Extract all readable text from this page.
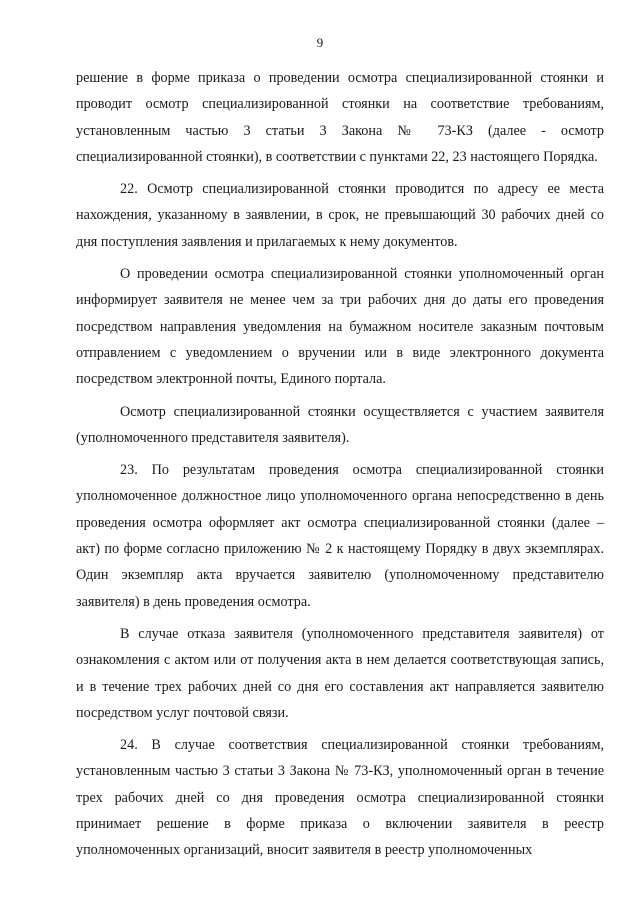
9

решение в форме приказа о проведении осмотра специализированной стоянки и проводит осмотр специализированной стоянки на соответствие требованиям, установленным частью 3 статьи 3 Закона № 73-КЗ (далее - осмотр специализированной стоянки), в соответствии с пунктами 22, 23 настоящего Порядка.

22. Осмотр специализированной стоянки проводится по адресу ее места нахождения, указанному в заявлении, в срок, не превышающий 30 рабочих дней со дня поступления заявления и прилагаемых к нему документов.

О проведении осмотра специализированной стоянки уполномоченный орган информирует заявителя не менее чем за три рабочих дня до даты его проведения посредством направления уведомления на бумажном носителе заказным почтовым отправлением с уведомлением о вручении или в виде электронного документа посредством электронной почты, Единого портала.

Осмотр специализированной стоянки осуществляется с участием заявителя (уполномоченного представителя заявителя).

23. По результатам проведения осмотра специализированной стоянки уполномоченное должностное лицо уполномоченного органа непосредственно в день проведения осмотра оформляет акт осмотра специализированной стоянки (далее – акт) по форме согласно приложению № 2 к настоящему Порядку в двух экземплярах. Один экземпляр акта вручается заявителю (уполномоченному представителю заявителя) в день проведения осмотра.

В случае отказа заявителя (уполномоченного представителя заявителя) от ознакомления с актом или от получения акта в нем делается соответствующая запись, и в течение трех рабочих дней со дня его составления акт направляется заявителю посредством услуг почтовой связи.

24. В случае соответствия специализированной стоянки требованиям, установленным частью 3 статьи 3 Закона № 73-КЗ, уполномоченный орган в течение трех рабочих дней со дня проведения осмотра специализированной стоянки принимает решение в форме приказа о включении заявителя в реестр уполномоченных организаций, вносит заявителя в реестр уполномоченных
